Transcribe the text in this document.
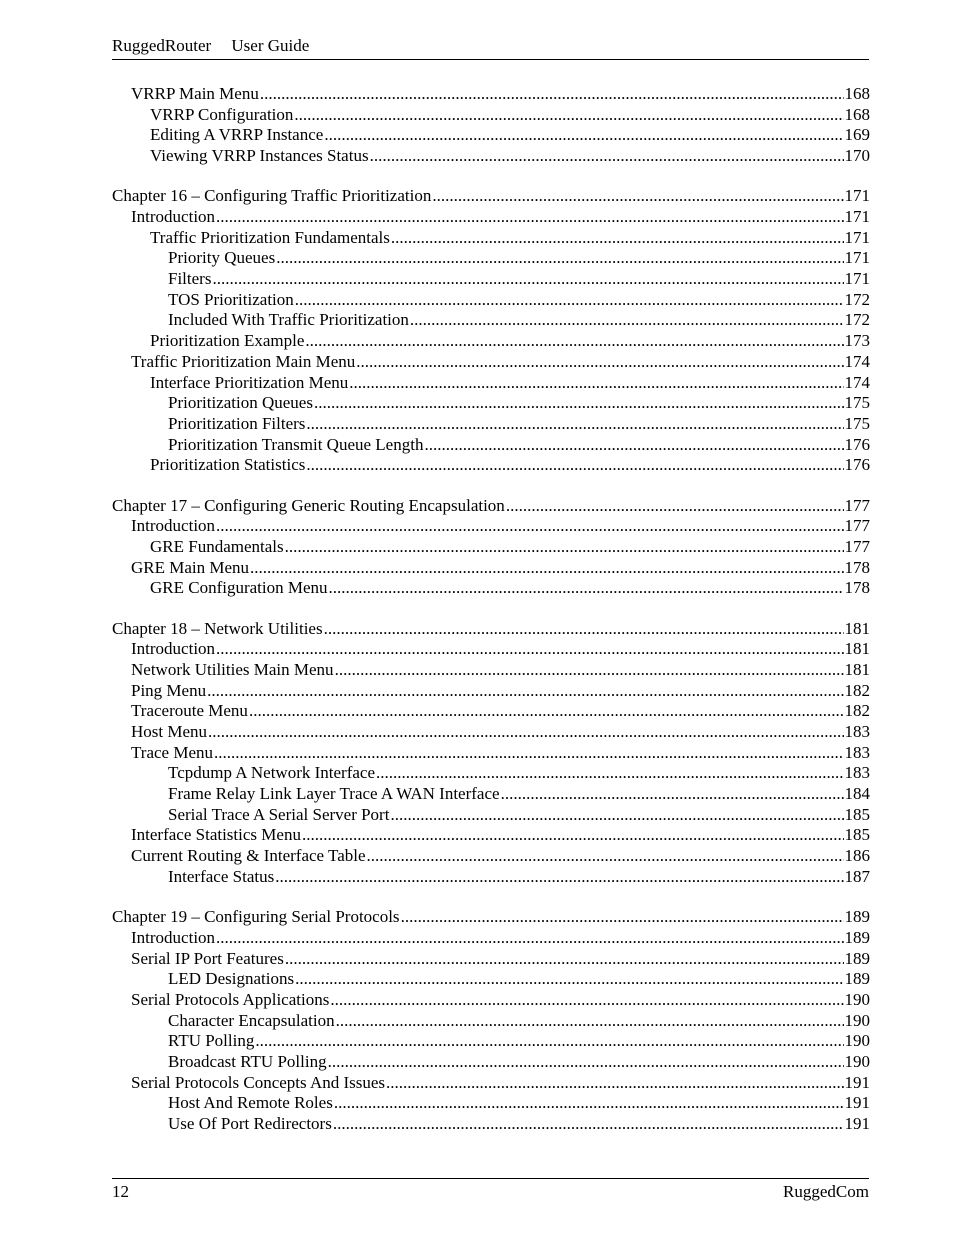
RuggedRouter User Guide
VRRP Main Menu .....	168
VRRP Configuration .....	168
Editing A VRRP Instance .....	169
Viewing VRRP Instances Status .....	170
Chapter 16 – Configuring Traffic Prioritization .....	171
Introduction .....	171
Traffic Prioritization Fundamentals .....	171
Priority Queues .....	171
Filters .....	171
TOS Prioritization .....	172
Included With Traffic Prioritization .....	172
Prioritization Example .....	173
Traffic Prioritization Main Menu .....	174
Interface Prioritization Menu .....	174
Prioritization Queues .....	175
Prioritization Filters .....	175
Prioritization Transmit Queue Length .....	176
Prioritization Statistics .....	176
Chapter 17 – Configuring Generic Routing Encapsulation .....	177
Introduction .....	177
GRE Fundamentals .....	177
GRE Main Menu .....	178
GRE Configuration Menu .....	178
Chapter 18 – Network Utilities .....	181
Introduction .....	181
Network Utilities Main Menu .....	181
Ping Menu .....	182
Traceroute Menu .....	182
Host Menu .....	183
Trace Menu .....	183
Tcpdump A Network Interface .....	183
Frame Relay Link Layer Trace A WAN Interface .....	184
Serial Trace A Serial Server Port .....	185
Interface Statistics Menu .....	185
Current Routing & Interface Table .....	186
Interface Status .....	187
Chapter 19 – Configuring Serial Protocols .....	189
Introduction .....	189
Serial IP Port Features .....	189
LED Designations .....	189
Serial Protocols Applications .....	190
Character Encapsulation .....	190
RTU Polling .....	190
Broadcast RTU Polling .....	190
Serial Protocols Concepts And Issues .....	191
Host And Remote Roles .....	191
Use Of Port Redirectors .....	191
12	RuggedCom
